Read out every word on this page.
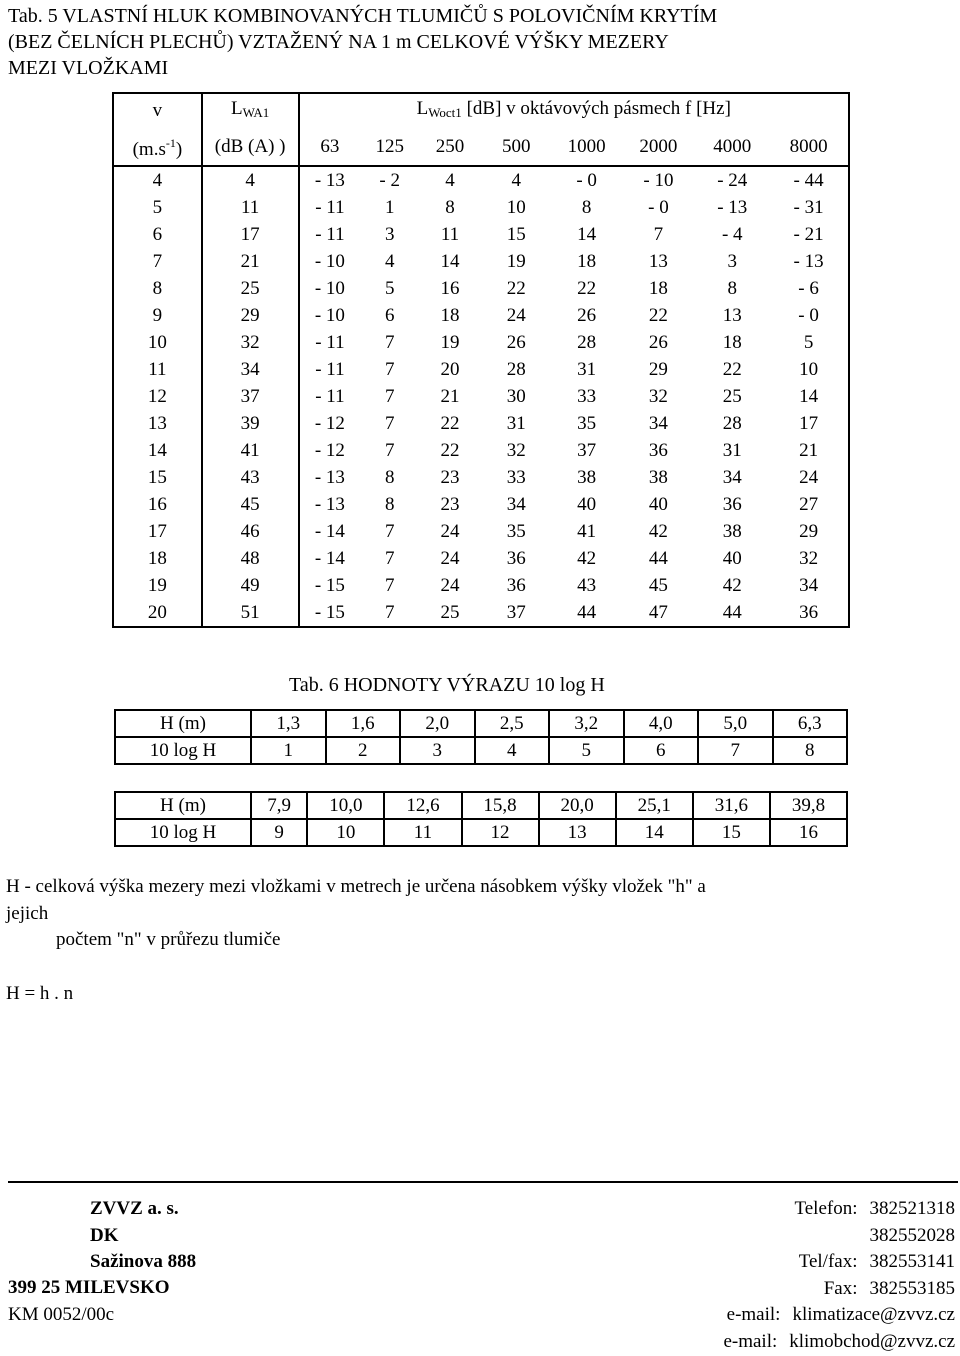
Tab. 5 VLASTNÍ HLUK KOMBINOVANÝCH TLUMIČŮ S POLOVIČNÍM KRYTÍM
(BEZ ČELNÍCH PLECHŮ) VZTAŽENÝ NA 1 m CELKOVÉ VÝŠKY MEZERY
MEZI VLOŽKAMI
v	$L_{WA1}$	$L_{Woct1}$ [dB] v oktávových pásmech f [Hz]							
$(m.s^{-1})$	(dB (A) )	63	125	250	500	1000	2000	4000	8000
4	4	- 13	- 2	4	4	- 0	- 10	- 24	- 44
5	11	- 11	1	8	10	8	- 0	- 13	- 31
6	17	- 11	3	11	15	14	7	- 4	- 21
7	21	- 10	4	14	19	18	13	3	- 13
8	25	- 10	5	16	22	22	18	8	- 6
9	29	- 10	6	18	24	26	22	13	- 0
10	32	- 11	7	19	26	28	26	18	5
11	34	- 11	7	20	28	31	29	22	10
12	37	- 11	7	21	30	33	32	25	14
13	39	- 12	7	22	31	35	34	28	17
14	41	- 12	7	22	32	37	36	31	21
15	43	- 13	8	23	33	38	38	34	24
16	45	- 13	8	23	34	40	40	36	27
17	46	- 14	7	24	35	41	42	38	29
18	48	- 14	7	24	36	42	44	40	32
19	49	- 15	7	24	36	43	45	42	34
20	51	- 15	7	25	37	44	47	44	36
Tab. 6 HODNOTY VÝRAZU 10 log H
H (m)	1,3	1,6	2,0	2,5	3,2	4,0	5,0	6,3
10 log H	1	2	3	4	5	6	7	8
H (m)	7,9	10,0	12,6	15,8	20,0	25,1	31,6	39,8
10 log H	9	10	11	12	13	14	15	16
H - celková výška mezery mezi vložkami v metrech je určena násobkem výšky vložek "h" a
jejich
počtem "n" v průřezu tlumiče
H = h . n
ZVVZ a. s.
DK
Sažinova 888
399 25 MILEVSKO
KM 0052/00c
Telefon: 382521318
382552028
Tel/fax: 382553141
Fax: 382553185
e-mail: klimatizace@zvvz.cz
e-mail: klimobchod@zvvz.cz
